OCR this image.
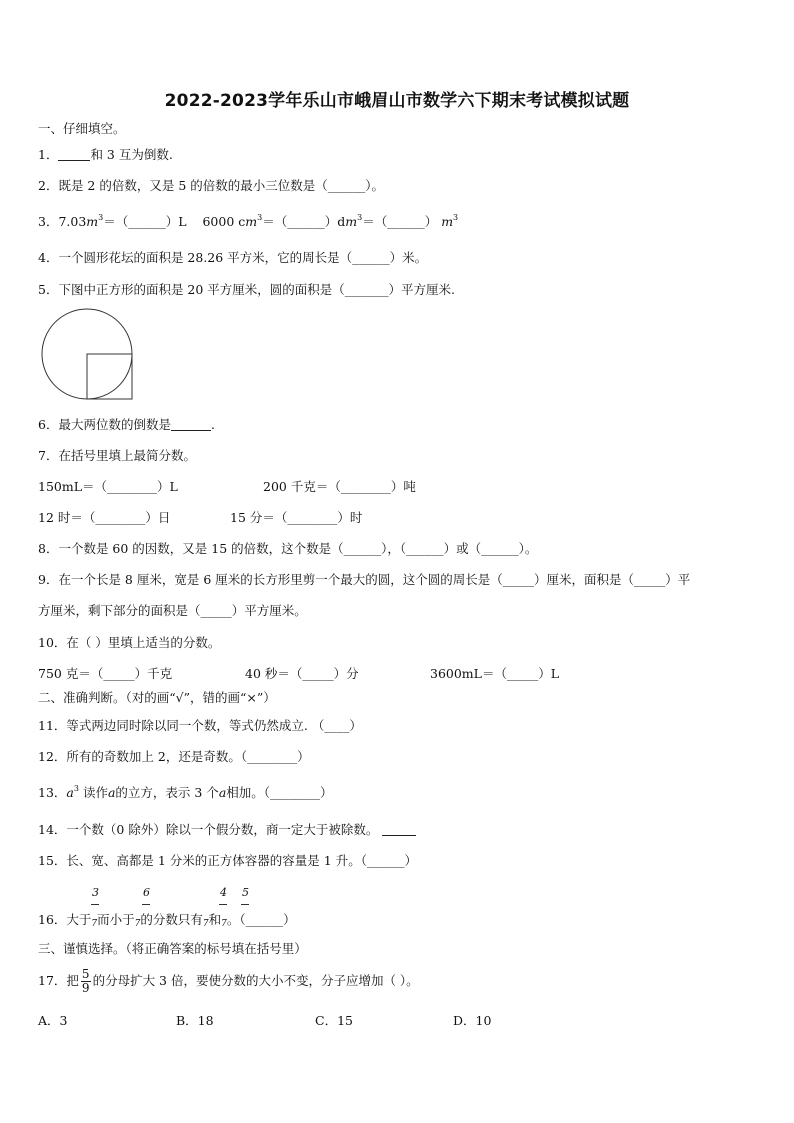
2022-2023学年乐山市峨眉山市数学六下期末考试模拟试题
一、仔细填空。
1．	和 3 互为倒数.
2．既是 2 的倍数，又是 5 的倍数的最小三位数是（______）。
3．$7.03m^3=(\_\_\_\_\_\_)L$ 6000 $cm^3=(\_\_\_\_\_\_)dm^3=(\_\_\_\_\_\_)$ $m^3$
4．一个圆形花坛的面积是 28.26 平方米，它的周长是（______）米。
5．下图中正方形的面积是 20 平方厘米，圆的面积是（_______）平方厘米.
6．最大两位数的倒数是	.
7．在括号里填上最简分数。
150mL＝（________）L	200 千克＝（________）吨
12 时＝（________）日	15 分＝（________）时
8．一个数是 60 的因数，又是 15 的倍数，这个数是（______），（______）或（______）。
9．在一个长是 8 厘米，宽是 6 厘米的长方形里剪一个最大的圆，这个圆的周长是（_____）厘米，面积是（_____）平
方厘米，剩下部分的面积是（_____）平方厘米。
10．在（ ）里填上适当的分数。
750 克＝（_____）千克	40 秒＝（_____）分	3600mL＝（_____）L
二、准确判断。（对的画“√”，错的画“×”）
11．等式两边同时除以同一个数，等式仍然成立. （____）
12．所有的奇数加上 2，还是奇数。（________）
13．$a^3$ 读作a的立方，表示 3 个a相加。（________）
14．一个数（0 除外）除以一个假分数，商一定大于被除数。
15．长、宽、高都是 1 分米的正方体容器的容量是 1 升。（______）
3	6	4 5
16．大于7而小于7的分数只有7和7。（______）
三、谨慎选择。（将正确答案的标号填在括号里）
17．把 $\frac{5}{9}$ 的分母扩大 3 倍，要使分数的大小不变，分子应增加（ ）。
A．3	B．18	C．15	D．10
